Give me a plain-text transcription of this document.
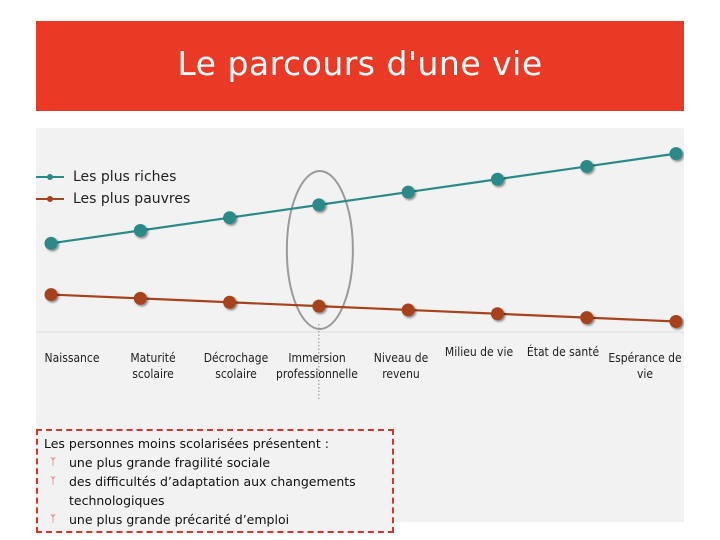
Le parcours d'une vie
Les plus riches
Les plus pauvres
Naissance	Maturité
scolaire
Décrochage
scolaire
Immersion
professionnelle
Niveau de
revenu
Milieu de vie	État de santé Espérance de
vie
Les personnes moins scolarisées présentent :
ᛉ une plus grande fragilité sociale
ᛉ des difficultés d’adaptation aux changements technologiques
ᛉ une plus grande précarité d’emploi
